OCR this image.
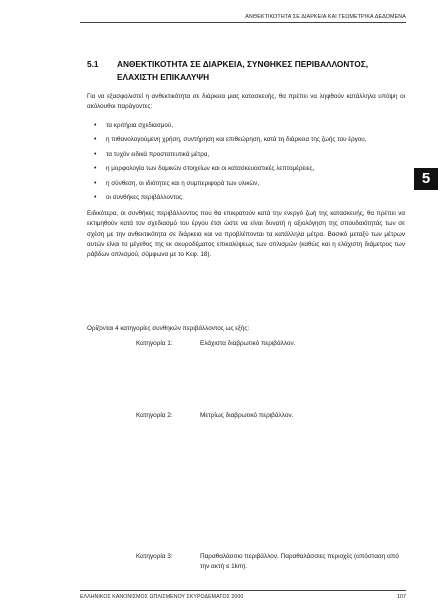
ΑΝΘΕΚΤΙΚΟΤΗΤΑ ΣΕ ΔΙΑΡΚΕΙΑ ΚΑΙ ΓΕΩΜΕΤΡΙΚΑ ΔΕΔΟΜΕΝΑ
5.1 ΑΝΘΕΚΤΙΚΟΤΗΤΑ ΣΕ ΔΙΑΡΚΕΙΑ, ΣΥΝΘΗΚΕΣ ΠΕΡΙΒΑΛΛΟΝΤΟΣ,
ΕΛΑΧΙΣΤΗ ΕΠΙΚΑΛΥΨΗ
5
Για να εξασφαλιστεί η ανθεκτικότητα σε διάρκεια μιας κατασκευής, θα πρέπει να ληφθούν κατάλληλα υπόψη οι ακόλουθοι παράγοντες:
• τα κριτήρια σχεδιασμού,
• η πιθανολογούμενη χρήση, συντήρηση και επιθεώρηση, κατά τη διάρκεια της ζωής του έργου,
• τα τυχόν ειδικά προστατευτικά μέτρα,
• η μορφολογία των δομικών στοιχείων και οι κατασκευαστικές λεπτομέρειες,
• η σύνθεση, οι ιδιότητες και η συμπεριφορά των υλικών,
• οι συνθήκες περιβάλλοντος.
Ειδικότερα, οι συνθήκες περιβάλλοντος που θα επικρατούν κατά την ενεργό ζωή της κατασκευής, θα πρέπει να εκτιμηθούν κατά τον σχεδιασμό του έργου έτσι ώστε να είναι δυνατή η αξιολόγηση της σπουδαιότητάς των σε σχέση με την ανθεκτικότητα σε διάρκεια και να προβλέπονται τα κατάλληλα μέτρα. Βασικό μεταξύ των μέτρων αυτών είναι το μέγεθος της εκ σκυροδέματος επικαλύψεως των οπλισμών (καθώς και η ελάχιστη διάμετρος των ράβδων οπλισμού, σύμφωνα με το Κεφ. 18).
Ορίζονται 4 κατηγορίες συνθηκών περιβάλλοντος ως εξής:
Κατηγορία 1:	Ελάχιστα διαβρωτικό περιβάλλον.
Κατηγορία 2:	Μετρίως διαβρωτικό περιβάλλον.
Κατηγορία 3:	Παραθαλάσσιο περιβάλλον. Παραθαλάσσιες περιοχές (απόσταση από την ακτή ≤ 1km).
ΕΛΛΗΝΙΚΟΣ ΚΑΝΟΝΙΣΜΟΣ ΩΠΛΙΣΜΕΝΟΥ ΣΚΥΡΟΔΕΜΑΤΟΣ 2000	107
